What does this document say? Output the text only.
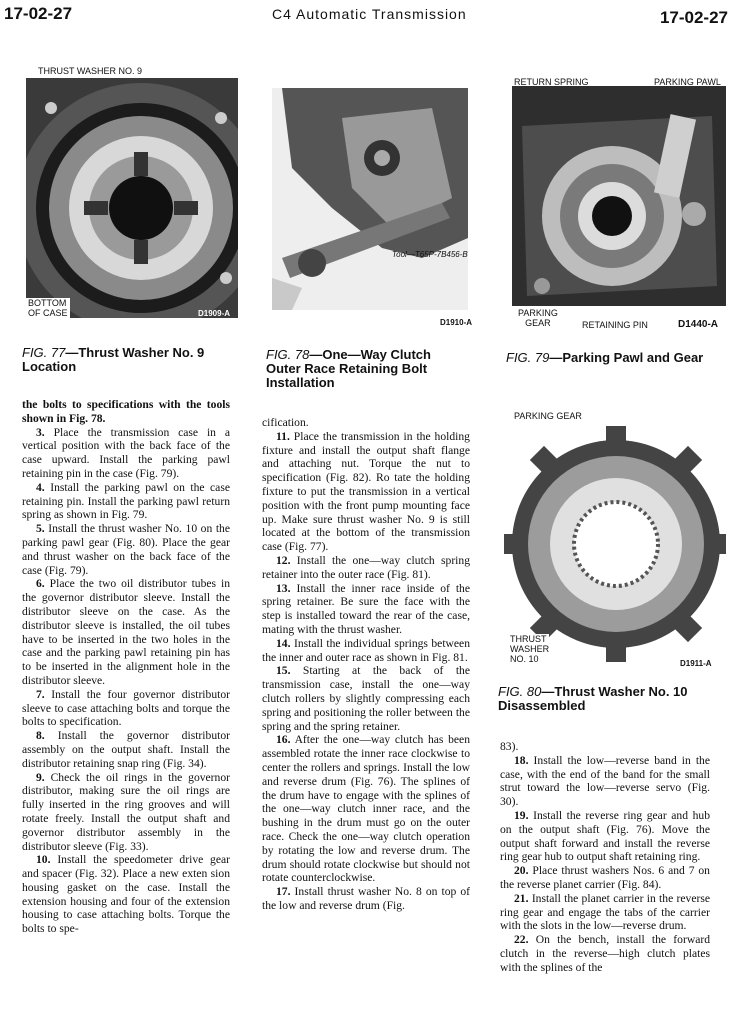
17-02-27	C4 Automatic Transmission	17-02-27
THRUST WASHER NO. 9
BOTTOM
OF CASE	D1909-A
Tool—T65P-7B456-B
D1910-A
RETURN SPRING	PARKING PAWL
PARKING
GEAR	RETAINING PIN	D1440-A
PARKING GEAR
THRUST
WASHER
NO. 10	D1911-A
FIG. 77—Thrust Washer No. 9 Location
FIG. 78—One—Way Clutch Outer Race Retaining Bolt Installation
FIG. 79—Parking Pawl and Gear
FIG. 80—Thrust Washer No. 10 Disassembled

the bolts to specifications with the tools shown in Fig. 78.

3. Place the transmission case in a vertical position with the back face of the case upward. Install the parking pawl retaining pin in the case (Fig. 79).

4. Install the parking pawl on the case retaining pin. Install the parking pawl return spring as shown in Fig. 79.

5. Install the thrust washer No. 10 on the parking pawl gear (Fig. 80). Place the gear and thrust washer on the back face of the case (Fig. 79).

6. Place the two oil distributor tubes in the governor distributor sleeve. Install the distributor sleeve on the case. As the distributor sleeve is installed, the oil tubes have to be inserted in the two holes in the case and the parking pawl retaining pin has to be inserted in the alignment hole in the distributor sleeve.

7. Install the four governor distributor sleeve to case attaching bolts and torque the bolts to specification.

8. Install the governor distributor assembly on the output shaft. Install the distributor retaining snap ring (Fig. 34).

9. Check the oil rings in the governor distributor, making sure the oil rings are fully inserted in the ring grooves and will rotate freely. Install the output shaft and governor distributor assembly in the distributor sleeve (Fig. 33).

10. Install the speedometer drive gear and spacer (Fig. 32). Place a new exten sion housing gasket on the case. Install the extension housing and four of the extension housing to case attaching bolts. Torque the bolts to spe-

cification.

11. Place the transmission in the holding fixture and install the output shaft flange and attaching nut. Torque the nut to specification (Fig. 82). Ro tate the holding fixture to put the transmission in a vertical position with the front pump mounting face up. Make sure thrust washer No. 9 is still located at the bottom of the transmission case (Fig. 77).

12. Install the one—way clutch spring retainer into the outer race (Fig. 81).

13. Install the inner race inside of the spring retainer. Be sure the face with the step is installed toward the rear of the case, mating with the thrust washer.

14. Install the individual springs between the inner and outer race as shown in Fig. 81.

15. Starting at the back of the transmission case, install the one—way clutch rollers by slightly compressing each spring and positioning the roller between the spring and the spring retainer.

16. After the one—way clutch has been assembled rotate the inner race clockwise to center the rollers and springs. Install the low and reverse drum (Fig. 76). The splines of the drum have to engage with the splines of the one—way clutch inner race, and the bushing in the drum must go on the outer race. Check the one—way clutch operation by rotating the low and reverse drum. The drum should rotate clockwise but should not rotate counterclockwise.

17. Install thrust washer No. 8 on top of the low and reverse drum (Fig.

83).

18. Install the low—reverse band in the case, with the end of the band for the small strut toward the low—reverse servo (Fig. 30).

19. Install the reverse ring gear and hub on the output shaft (Fig. 76). Move the output shaft forward and install the reverse ring gear hub to output shaft retaining ring.

20. Place thrust washers Nos. 6 and 7 on the reverse planet carrier (Fig. 84).

21. Install the planet carrier in the reverse ring gear and engage the tabs of the carrier with the slots in the low—reverse drum.

22. On the bench, install the forward clutch in the reverse—high clutch plates with the splines of the
